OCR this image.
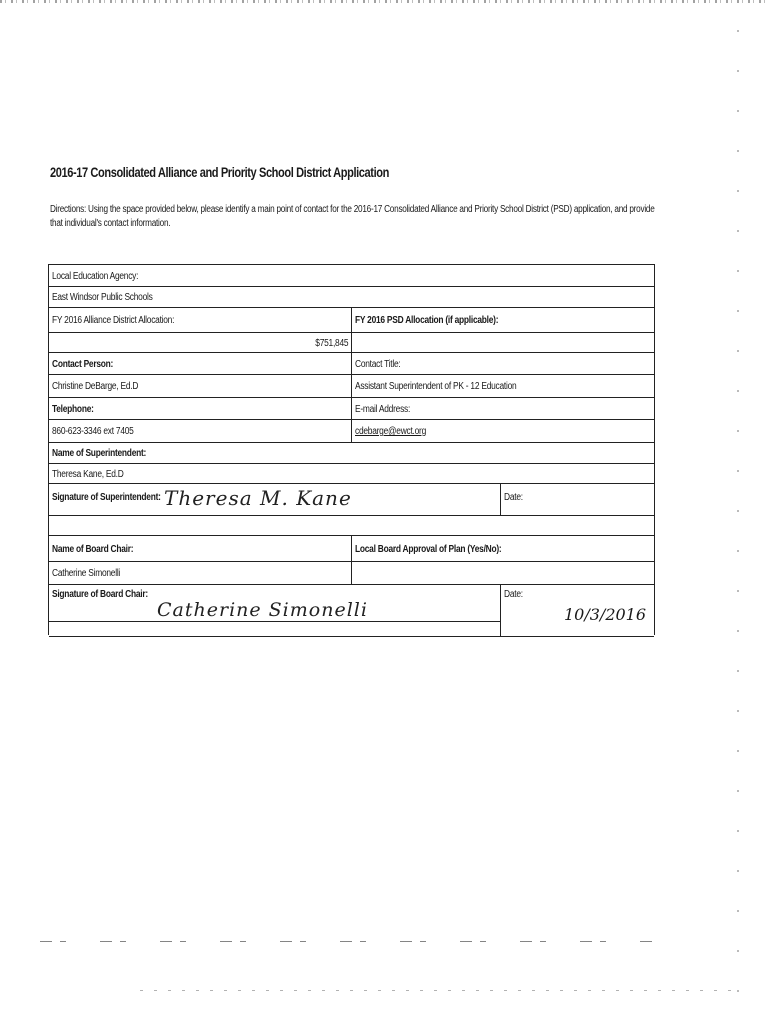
2016-17 Consolidated Alliance and Priority School District Application
Directions: Using the space provided below, please identify a main point of contact for the 2016-17 Consolidated Alliance and Priority School District (PSD) application, and provide that individual's contact information.
Local Education Agency:
East Windsor Public Schools
FY 2016 Alliance District Allocation:	FY 2016 PSD Allocation (if applicable):
$751,845
Contact Person:	Contact Title:
Christine DeBarge, Ed.D	Assistant Superintendent of PK - 12 Education
Telephone:	E-mail Address:
860-623-3346 ext 7405	cdebarge@ewct.org
Name of Superintendent:
Theresa Kane, Ed.D
Signature of Superintendent: Theresa M. Kane	Date:
Name of Board Chair:	Local Board Approval of Plan (Yes/No):
Catherine Simonelli
Signature of Board Chair:
Catherine Simonelli
Date:
10/3/2016
